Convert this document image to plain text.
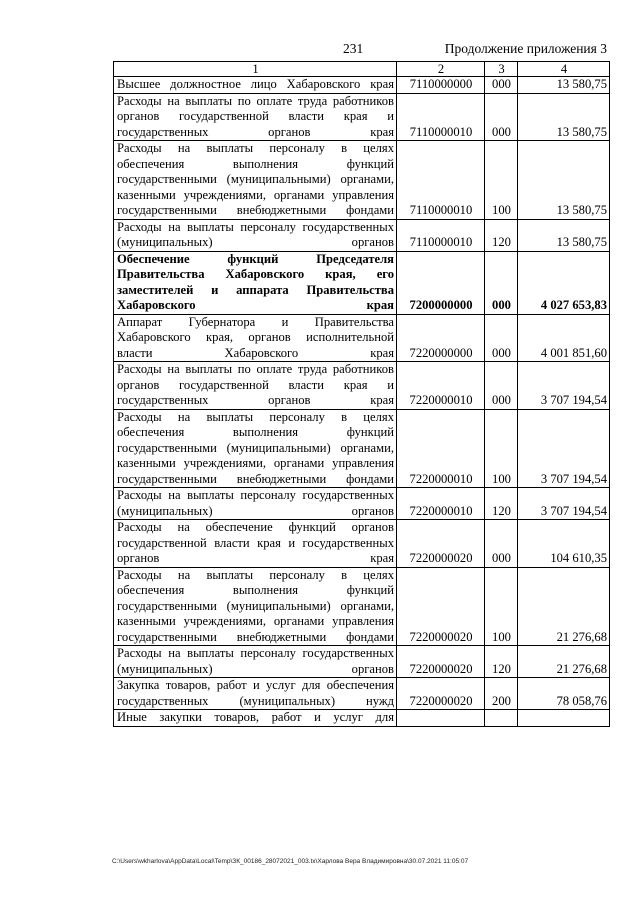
231	Продолжение приложения 3
1	2	3	4
Высшее должностное лицо Хабаровского края	7110000000	000	13 580,75
Расходы на выплаты по оплате труда работников органов государственной власти края и государственных органов края	7110000010	000	13 580,75
Расходы на выплаты персоналу в целях обеспечения выполнения функций государственными (муниципальными) органами, казенными учреждениями, органами управления государственными внебюджетными фондами	7110000010	100	13 580,75
Расходы на выплаты персоналу государственных (муниципальных) органов	7110000010	120	13 580,75
Обеспечение функций Председателя Правительства Хабаровского края, его заместителей и аппарата Правительства Хабаровского края	7200000000	000	4 027 653,83
Аппарат Губернатора и Правительства Хабаровского края, органов исполнительной власти Хабаровского края	7220000000	000	4 001 851,60
Расходы на выплаты по оплате труда работников органов государственной власти края и государственных органов края	7220000010	000	3 707 194,54
Расходы на выплаты персоналу в целях обеспечения выполнения функций государственными (муниципальными) органами, казенными учреждениями, органами управления государственными внебюджетными фондами	7220000010	100	3 707 194,54
Расходы на выплаты персоналу государственных (муниципальных) органов	7220000010	120	3 707 194,54
Расходы на обеспечение функций органов государственной власти края и государственных органов края	7220000020	000	104 610,35
Расходы на выплаты персоналу в целях обеспечения выполнения функций государственными (муниципальными) органами, казенными учреждениями, органами управления государственными внебюджетными фондами	7220000020	100	21 276,68
Расходы на выплаты персоналу государственных (муниципальных) органов	7220000020	120	21 276,68
Закупка товаров, работ и услуг для обеспечения государственных (муниципальных) нужд	7220000020	200	78 058,76
Иные закупки товаров, работ и услуг для			
C:\Users\wkharlova\AppData\Local\Temp\ЗК_00186_28072021_003.tx\Харлова Вера Владимировна\30.07.2021 11:05:07
